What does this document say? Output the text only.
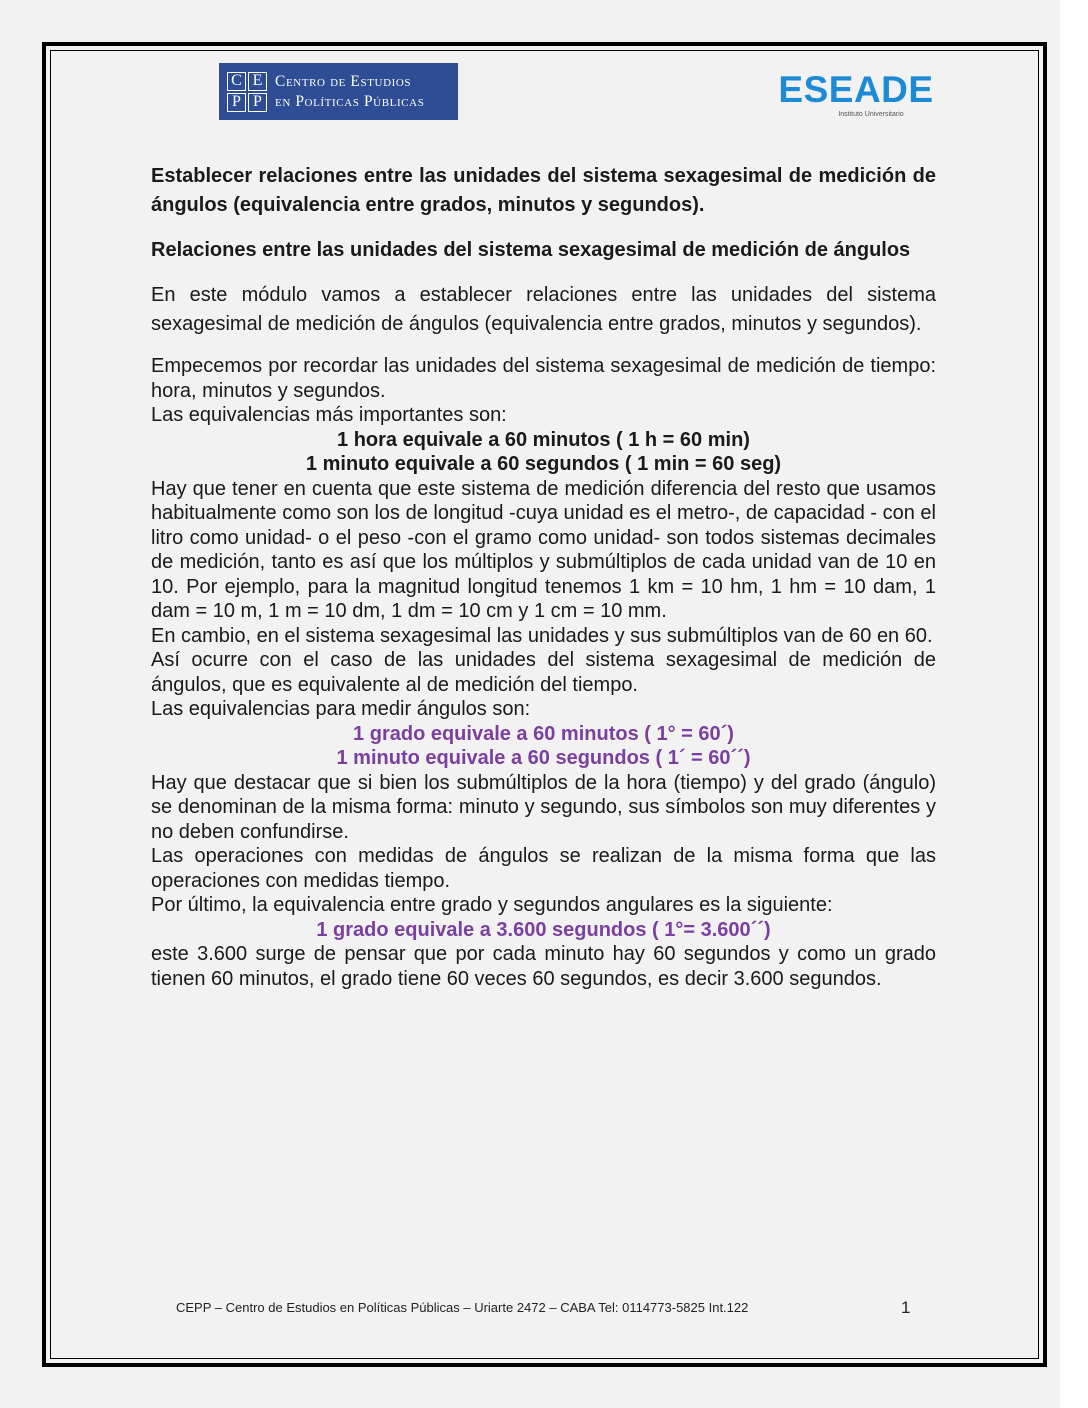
C E
P P
Centro de Estudios
en Políticas Públicas	ESEADE
Instituto Universitario

Establecer relaciones entre las unidades del sistema sexagesimal de medición de ángulos (equivalencia entre grados, minutos y segundos).

Relaciones entre las unidades del sistema sexagesimal de medición de ángulos

En este módulo vamos a establecer relaciones entre las unidades del sistema sexagesimal de medición de ángulos (equivalencia entre grados, minutos y segundos).

Empecemos por recordar las unidades del sistema sexagesimal de medición de tiempo: hora, minutos y segundos.

Las equivalencias más importantes son:

1 hora equivale a 60 minutos ( 1 h = 60 min)

1 minuto equivale a 60 segundos ( 1 min = 60 seg)

Hay que tener en cuenta que este sistema de medición diferencia del resto que usamos habitualmente como son los de longitud -cuya unidad es el metro-, de capacidad - con el litro como unidad- o el peso -con el gramo como unidad- son todos sistemas decimales de medición, tanto es así que los múltiplos y submúltiplos de cada unidad van de 10 en 10. Por ejemplo, para la magnitud longitud tenemos 1 km = 10 hm, 1 hm = 10 dam, 1 dam = 10 m, 1 m = 10 dm, 1 dm = 10 cm y 1 cm = 10 mm.

En cambio, en el sistema sexagesimal las unidades y sus submúltiplos van de 60 en 60.

Así ocurre con el caso de las unidades del sistema sexagesimal de medición de ángulos, que es equivalente al de medición del tiempo.

Las equivalencias para medir ángulos son:

1 grado equivale a 60 minutos ( 1° = 60´)

1 minuto equivale a 60 segundos ( 1´ = 60´´)

Hay que destacar que si bien los submúltiplos de la hora (tiempo) y del grado (ángulo) se denominan de la misma forma: minuto y segundo, sus símbolos son muy diferentes y no deben confundirse.

Las operaciones con medidas de ángulos se realizan de la misma forma que las operaciones con medidas tiempo.

Por último, la equivalencia entre grado y segundos angulares es la siguiente:

1 grado equivale a 3.600 segundos ( 1°= 3.600´´)

este 3.600 surge de pensar que por cada minuto hay 60 segundos y como un grado tienen 60 minutos, el grado tiene 60 veces 60 segundos, es decir 3.600 segundos.

CEPP – Centro de Estudios en Políticas Públicas – Uriarte 2472 – CABA Tel: 0114773-5825 Int.122	1
